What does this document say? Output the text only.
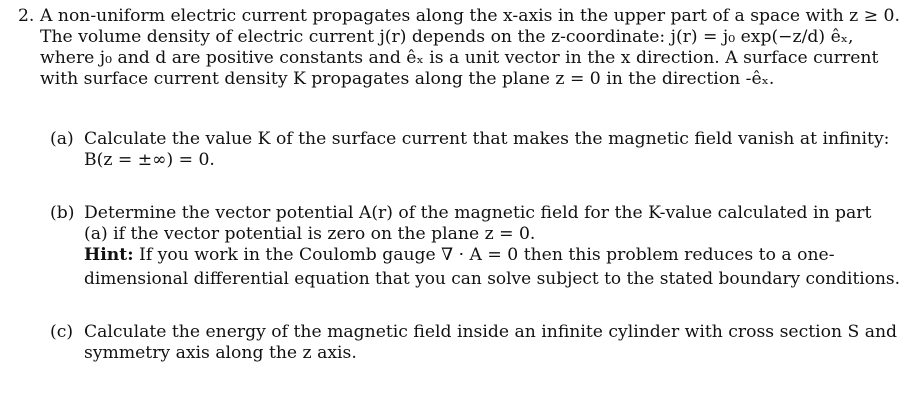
2. A non-uniform electric current propagates along the x-axis in the upper part of a space with z ≥ 0.
The volume density of electric current j(r) depends on the z-coordinate: j(r) = j₀ exp(−z/d) êₓ,
where j₀ and d are positive constants and êₓ is a unit vector in the x direction. A surface current
with surface current density K propagates along the plane z = 0 in the direction -êₓ.
(a) Calculate the value K of the surface current that makes the magnetic field vanish at infinity:
B(z = ±∞) = 0.
(b) Determine the vector potential A(r) of the magnetic field for the K-value calculated in part
(a) if the vector potential is zero on the plane z = 0.
Hint: If you work in the Coulomb gauge ∇ · A = 0 then this problem reduces to a one-
dimensional differential equation that you can solve subject to the stated boundary conditions.
(c) Calculate the energy of the magnetic field inside an infinite cylinder with cross section S and
symmetry axis along the z axis.
